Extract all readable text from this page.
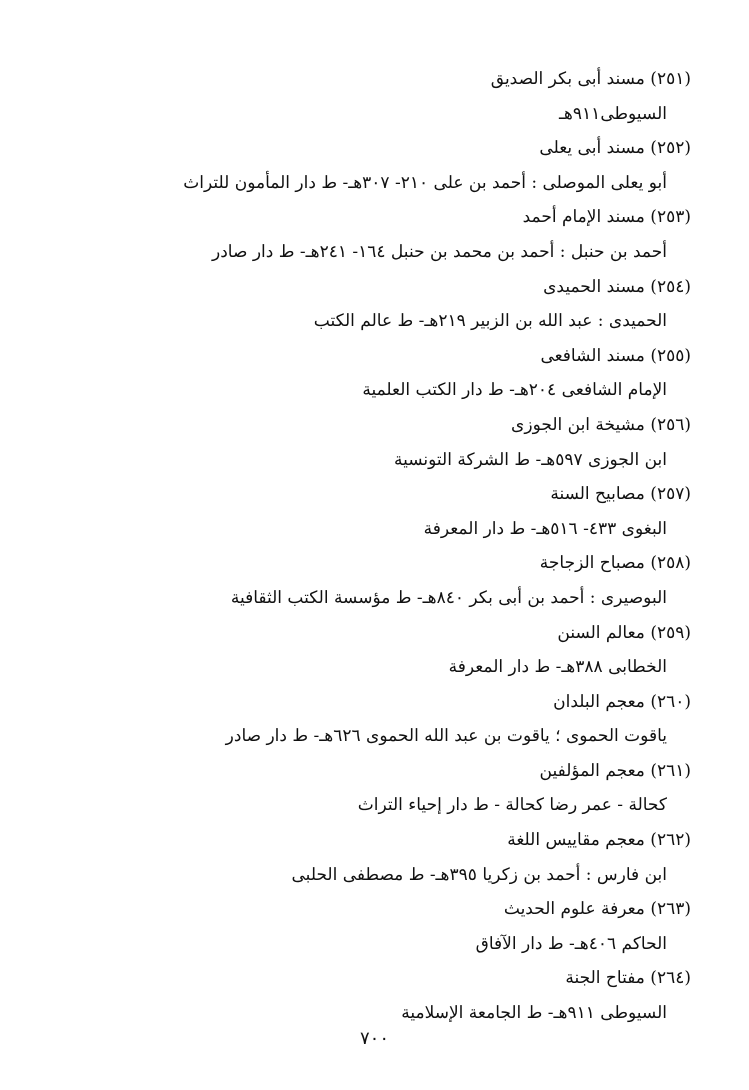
(٢٥١) مسند أبى بكر الصديق
السيوطى٩١١هـ
(٢٥٢) مسند أبى يعلى
أبو يعلى الموصلى : أحمد بن على ٢١٠- ٣٠٧هـ- ط دار المأمون للتراث
(٢٥٣) مسند الإمام أحمد
أحمد بن حنبل : أحمد بن محمد بن حنبل ١٦٤- ٢٤١هـ- ط دار صادر
(٢٥٤) مسند الحميدى
الحميدى : عبد الله بن الزبير ٢١٩هـ- ط عالم الكتب
(٢٥٥) مسند الشافعى
الإمام الشافعى ٢٠٤هـ- ط دار الكتب العلمية
(٢٥٦) مشيخة ابن الجوزى
ابن الجوزى ٥٩٧هـ- ط الشركة التونسية
(٢٥٧) مصابيح السنة
البغوى ٤٣٣- ٥١٦هـ- ط دار المعرفة
(٢٥٨) مصباح الزجاجة
البوصيرى : أحمد بن أبى بكر ٨٤٠هـ- ط مؤسسة الكتب الثقافية
(٢٥٩) معالم السنن
الخطابى ٣٨٨هـ- ط دار المعرفة
(٢٦٠) معجم البلدان
ياقوت الحموى ؛ ياقوت بن عبد الله الحموى ٦٢٦هـ- ط دار صادر
(٢٦١) معجم المؤلفين
كحالة - عمر رضا كحالة - ط دار إحياء التراث
(٢٦٢) معجم مقاييس اللغة
ابن فارس : أحمد بن زكريا ٣٩٥هـ- ط مصطفى الحلبى
(٢٦٣) معرفة علوم الحديث
الحاكم ٤٠٦هـ- ط دار الآفاق
(٢٦٤) مفتاح الجنة
السيوطى ٩١١هـ- ط الجامعة الإسلامية
٧٠٠
